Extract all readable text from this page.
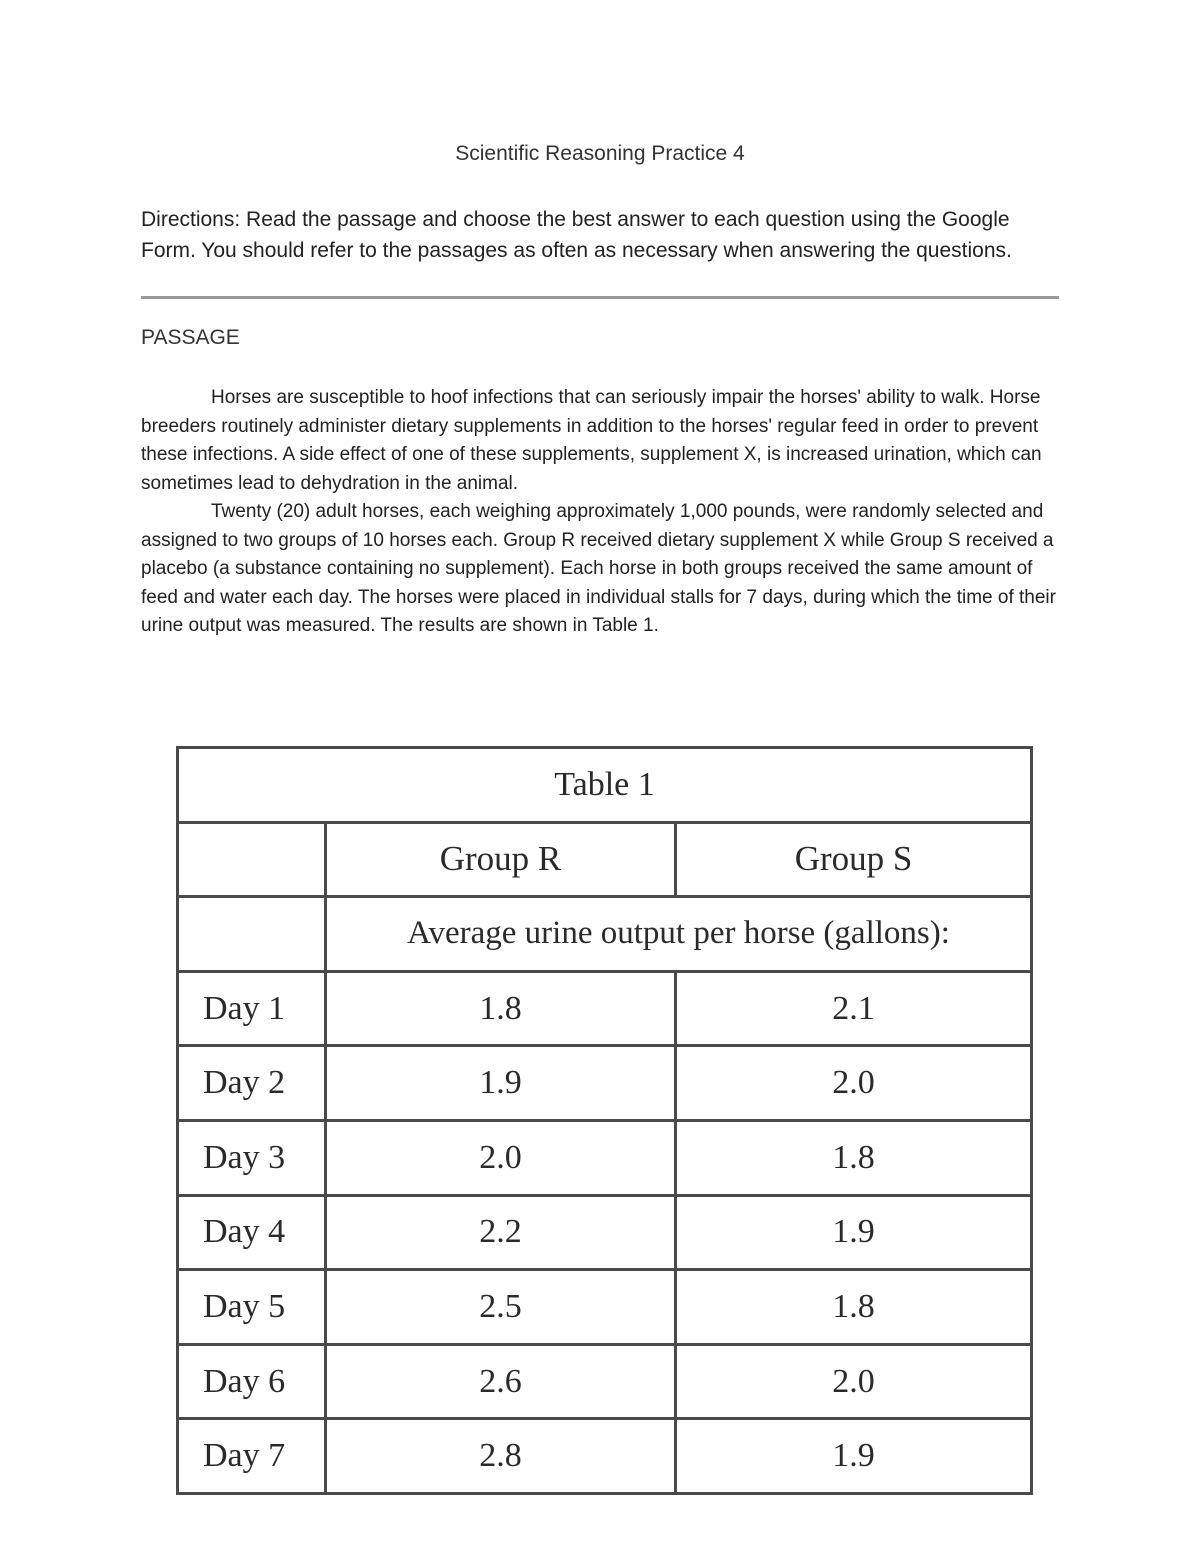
Scientific Reasoning Practice 4
Directions: Read the passage and choose the best answer to each question using the Google Form. You should refer to the passages as often as necessary when answering the questions.
PASSAGE

Horses are susceptible to hoof infections that can seriously impair the horses' ability to walk. Horse breeders routinely administer dietary supplements in addition to the horses' regular feed in order to prevent these infections. A side effect of one of these supplements, supplement X, is increased urination, which can sometimes lead to dehydration in the animal.

Twenty (20) adult horses, each weighing approximately 1,000 pounds, were randomly selected and assigned to two groups of 10 horses each. Group R received dietary supplement X while Group S received a placebo (a substance containing no supplement). Each horse in both groups received the same amount of feed and water each day. The horses were placed in individual stalls for 7 days, during which the time of their urine output was measured. The results are shown in Table 1.

Table 1		
	Group R	Group S
	Average urine output per horse (gallons):	
Day 1	1.8	2.1
Day 2	1.9	2.0
Day 3	2.0	1.8
Day 4	2.2	1.9
Day 5	2.5	1.8
Day 6	2.6	2.0
Day 7	2.8	1.9
